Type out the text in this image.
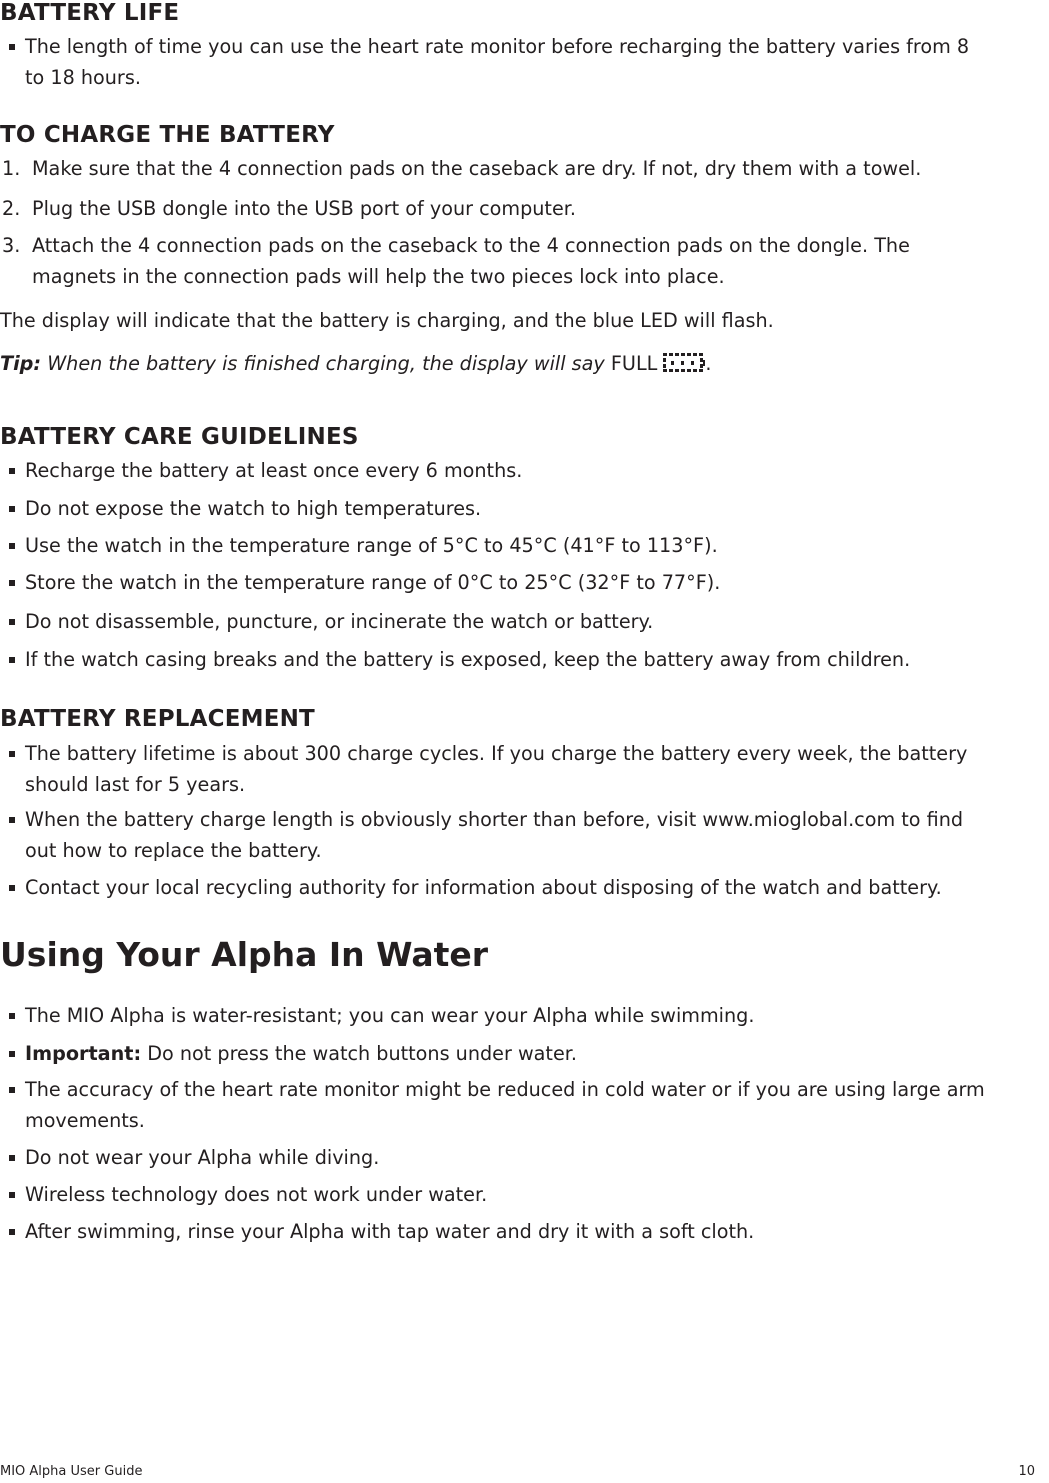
BATTERY LIFE
The length of time you can use the heart rate monitor before recharging the battery varies from 8
to 18 hours.
TO CHARGE THE BATTERY
1. Make sure that the 4 connection pads on the caseback are dry. If not, dry them with a towel.
2. Plug the USB dongle into the USB port of your computer.
3. Attach the 4 connection pads on the caseback to the 4 connection pads on the dongle. The
magnets in the connection pads will help the two pieces lock into place.
The display will indicate that the battery is charging, and the blue LED will flash.
Tip: When the battery is finished charging, the display will say FULL	.
BATTERY CARE GUIDELINES
Recharge the battery at least once every 6 months.
Do not expose the watch to high temperatures.
Use the watch in the temperature range of 5°C to 45°C (41°F to 113°F).
Store the watch in the temperature range of 0°C to 25°C (32°F to 77°F).
Do not disassemble, puncture, or incinerate the watch or battery.
If the watch casing breaks and the battery is exposed, keep the battery away from children.
BATTERY REPLACEMENT
The battery lifetime is about 300 charge cycles. If you charge the battery every week, the battery
should last for 5 years.
When the battery charge length is obviously shorter than before, visit www.mioglobal.com to find
out how to replace the battery.
Contact your local recycling authority for information about disposing of the watch and battery.
Using Your Alpha In Water
The MIO Alpha is water-resistant; you can wear your Alpha while swimming.
Important: Do not press the watch buttons under water.
The accuracy of the heart rate monitor might be reduced in cold water or if you are using large arm
movements.
Do not wear your Alpha while diving.
Wireless technology does not work under water.
After swimming, rinse your Alpha with tap water and dry it with a soft cloth.
MIO Alpha User Guide	10
